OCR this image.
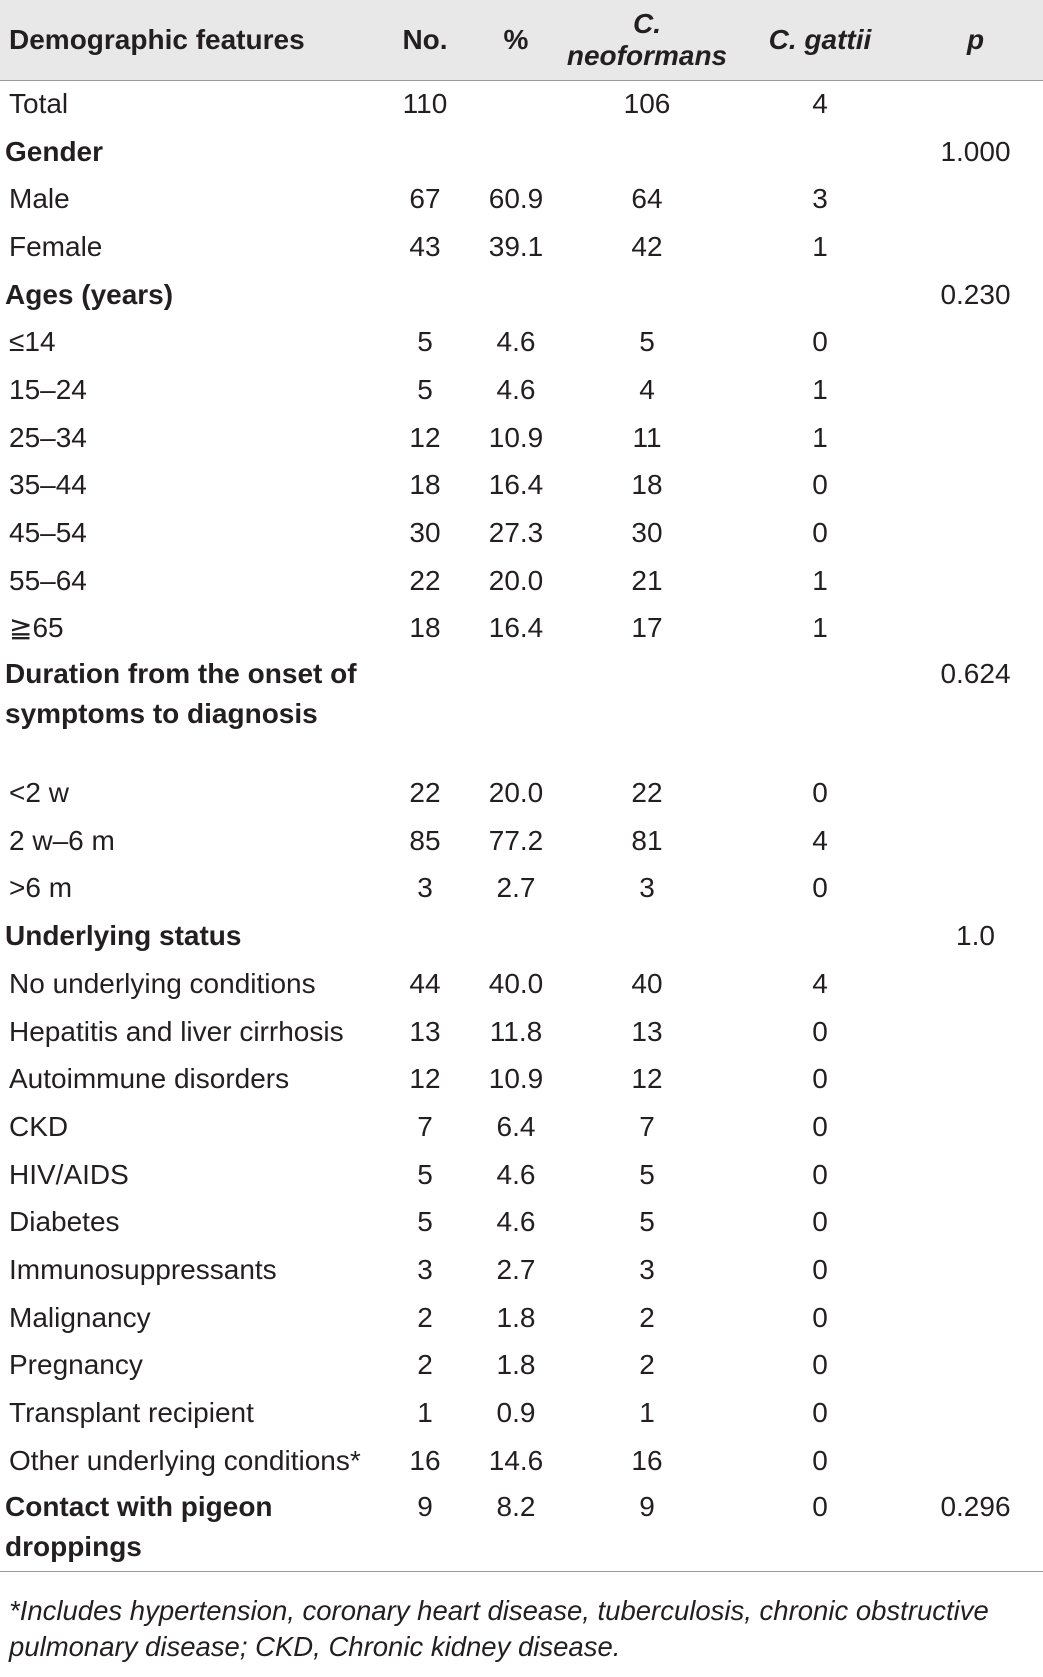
Demographic features	No.	%	C. neoformans	C. gattii	p
Total	110		106	4	
Gender					1.000
Male	67	60.9	64	3	
Female	43	39.1	42	1	
Ages (years)					0.230
≤14	5	4.6	5	0	
15–24	5	4.6	4	1	
25–34	12	10.9	11	1	
35–44	18	16.4	18	0	
45–54	30	27.3	30	0	
55–64	22	20.0	21	1	
≧65	18	16.4	17	1	
Duration from the onset of symptoms to diagnosis					0.624
<2 w	22	20.0	22	0	
2 w–6 m	85	77.2	81	4	
>6 m	3	2.7	3	0	
Underlying status					1.0
No underlying conditions	44	40.0	40	4	
Hepatitis and liver cirrhosis	13	11.8	13	0	
Autoimmune disorders	12	10.9	12	0	
CKD	7	6.4	7	0	
HIV/AIDS	5	4.6	5	0	
Diabetes	5	4.6	5	0	
Immunosuppressants	3	2.7	3	0	
Malignancy	2	1.8	2	0	
Pregnancy	2	1.8	2	0	
Transplant recipient	1	0.9	1	0	
Other underlying conditions*	16	14.6	16	0	
Contact with pigeon droppings	9	8.2	9	0	0.296
*Includes hypertension, coronary heart disease, tuberculosis, chronic obstructive pulmonary disease; CKD, Chronic kidney disease.
